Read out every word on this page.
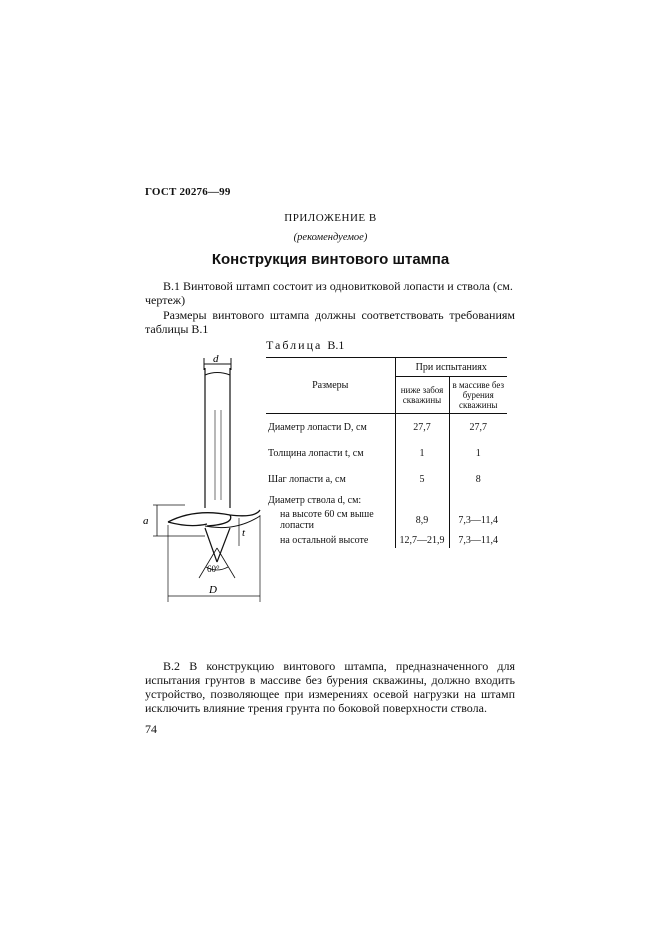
ГОСТ 20276—99
ПРИЛОЖЕНИЕ В
(рекомендуемое)
Конструкция винтового штампа
В.1 Винтовой штамп состоит из одновитковой лопасти и ствола (см. чертеж)
Размеры винтового штампа должны соответствовать требованиям таблицы В.1
Таблица В.1
d
a
t
D
60°
Размеры	При испытаниях	
	ниже забоя скважины	в массиве без бурения скважины
Диаметр лопасти D, см	27,7	27,7
Толщина лопасти t, см	1	1
Шаг лопасти a, см	5	8
Диаметр ствола d, см:		
на высоте 60 см выше лопасти	8,9	7,3—11,4
на остальной высоте	12,7—21,9	7,3—11,4
В.2 В конструкцию винтового штампа, предназначенного для испытания грунтов в массиве без бурения скважины, должно входить устройство, позволяющее при измерениях осевой нагрузки на штамп исключить влияние трения грунта по боковой поверхности ствола.
74
